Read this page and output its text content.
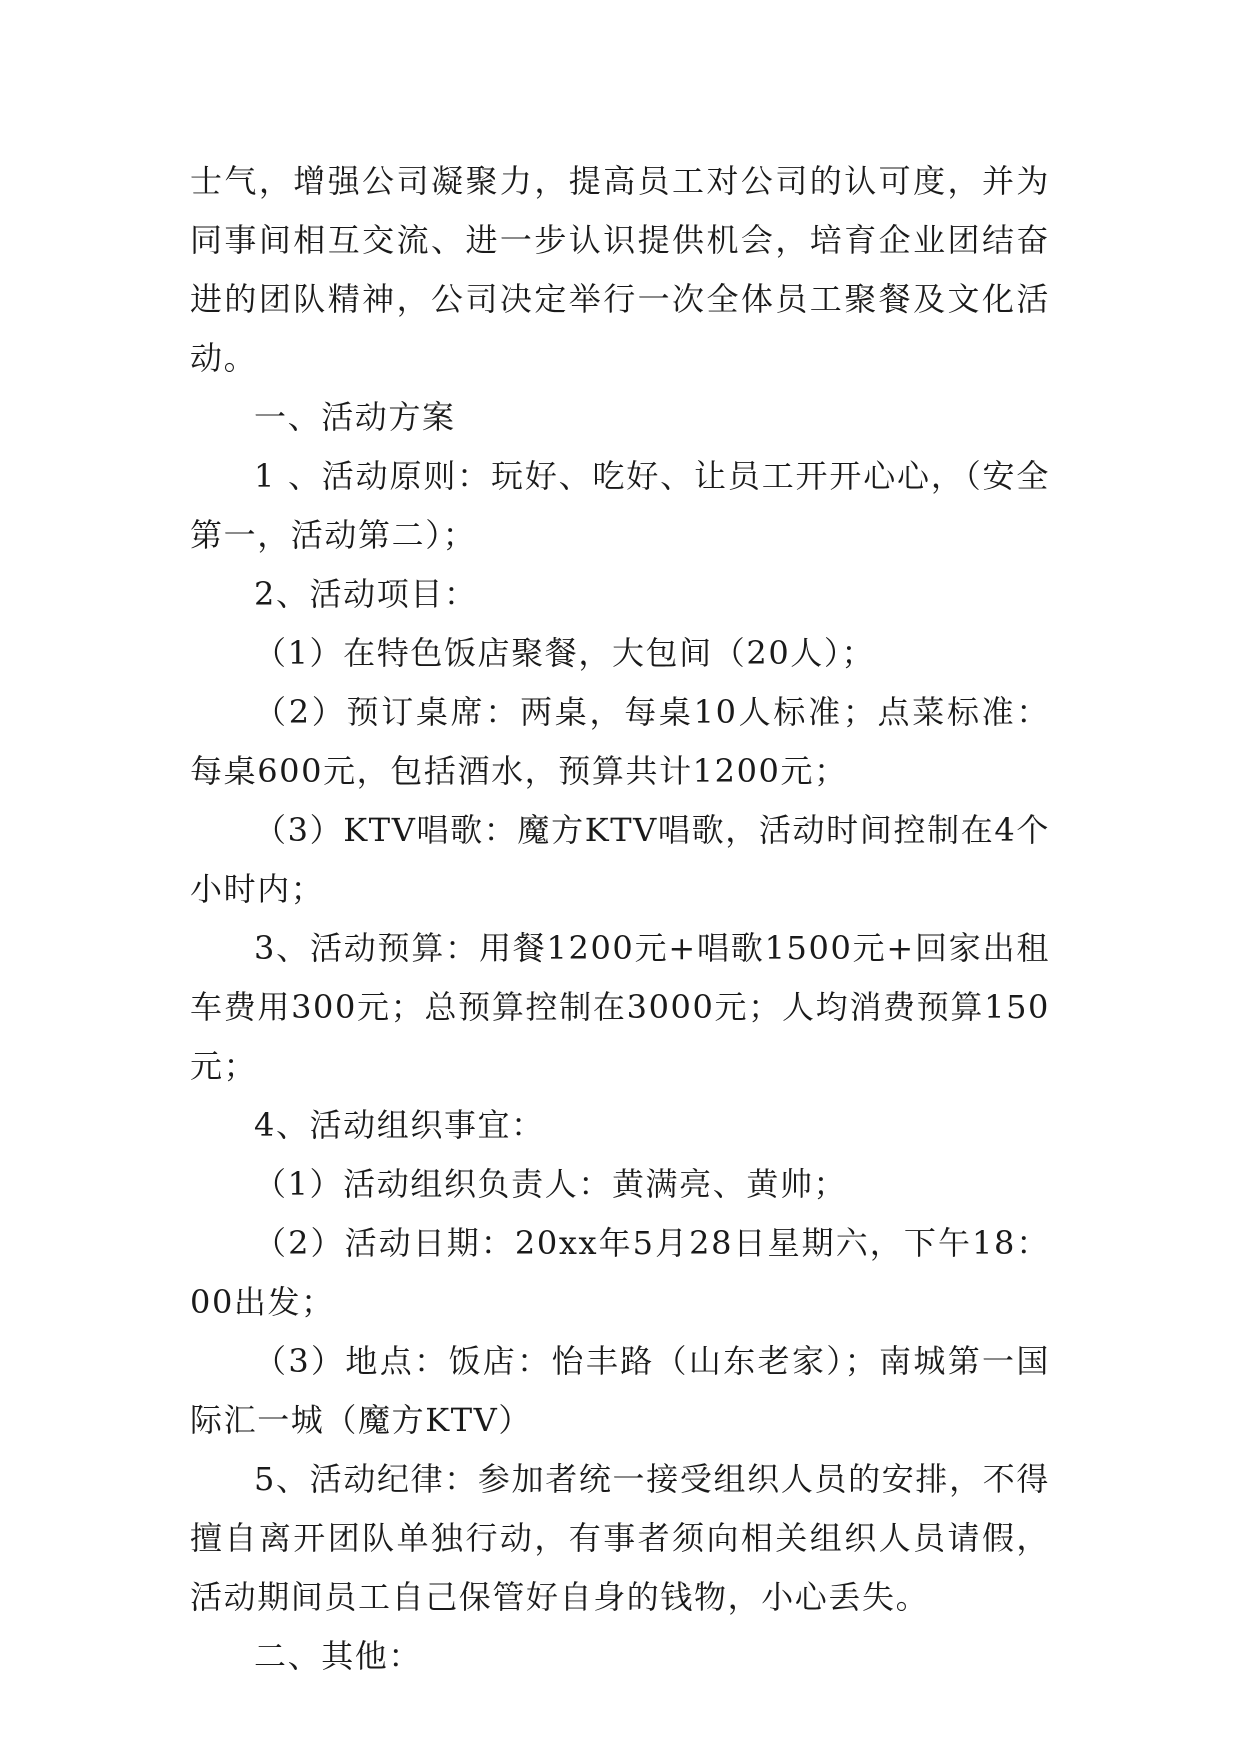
士气，增强公司凝聚力，提高员工对公司的认可度，并为同事间相互交流、进一步认识提供机会，培育企业团结奋进的团队精神，公司决定举行一次全体员工聚餐及文化活动。

一、活动方案

1 、活动原则：玩好、吃好、让员工开开心心，（安全第一，活动第二）；

2、活动项目：

（1）在特色饭店聚餐，大包间（20人）；

（2）预订桌席：两桌，每桌10人标准；点菜标准：每桌600元，包括酒水，预算共计1200元；

（3）KTV唱歌：魔方KTV唱歌，活动时间控制在4个小时内；

3、活动预算：用餐1200元+唱歌1500元+回家出租车费用300元；总预算控制在3000元；人均消费预算150元；

4、活动组织事宜：

（1）活动组织负责人：黄满亮、黄帅；

（2）活动日期：20xx年5月28日星期六，下午18：00出发；

（3）地点：饭店：怡丰路（山东老家）；南城第一国际汇一城（魔方KTV）

5、活动纪律：参加者统一接受组织人员的安排，不得擅自离开团队单独行动，有事者须向相关组织人员请假，活动期间员工自己保管好自身的钱物，小心丢失。

二、其他：
